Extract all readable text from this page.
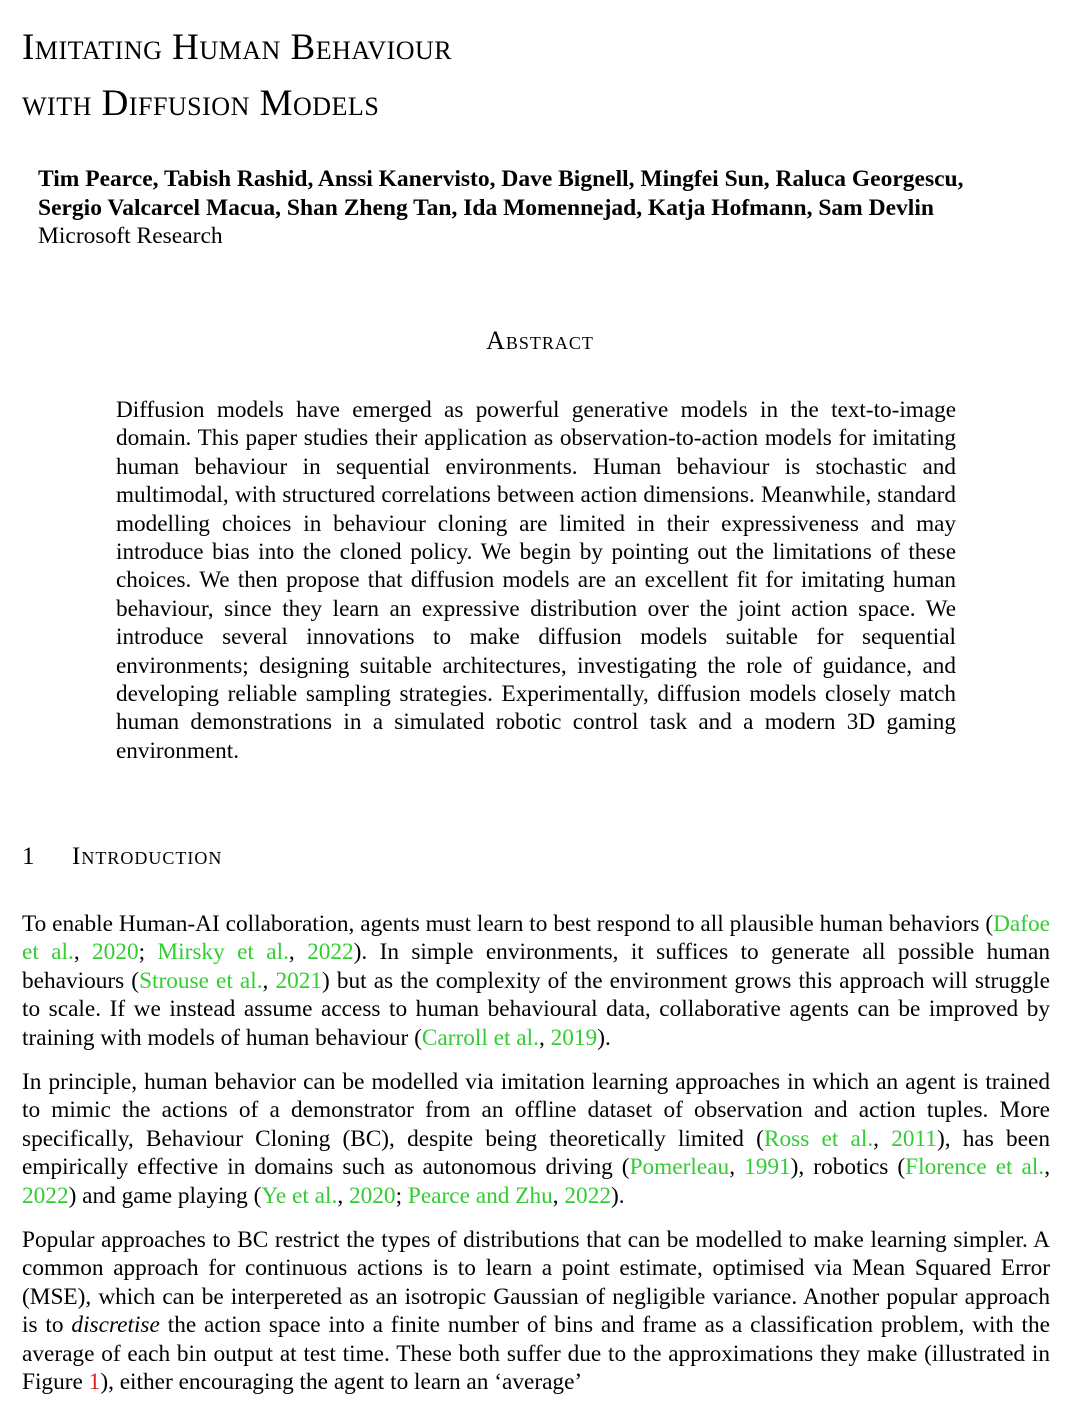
Imitating Human Behaviour
with Diffusion Models
Tim Pearce, Tabish Rashid, Anssi Kanervisto, Dave Bignell, Mingfei Sun, Raluca Georgescu,
Sergio Valcarcel Macua, Shan Zheng Tan, Ida Momennejad, Katja Hofmann, Sam Devlin
Microsoft Research
Abstract
Diffusion models have emerged as powerful generative models in the text-to-image domain. This paper studies their application as observation-to-action models for imitating human behaviour in sequential environments. Human behaviour is stochastic and multimodal, with structured correlations between action dimensions. Meanwhile, standard modelling choices in behaviour cloning are limited in their expressiveness and may introduce bias into the cloned policy. We begin by pointing out the limitations of these choices. We then propose that diffusion models are an excellent fit for imitating human behaviour, since they learn an expressive distribution over the joint action space. We introduce several innovations to make diffusion models suitable for sequential environments; designing suitable architectures, investigating the role of guidance, and developing reliable sampling strategies. Experimentally, diffusion models closely match human demonstrations in a simulated robotic control task and a modern 3D gaming environment.
1 Introduction
To enable Human-AI collaboration, agents must learn to best respond to all plausible human behaviors (Dafoe et al., 2020; Mirsky et al., 2022). In simple environments, it suffices to generate all possible human behaviours (Strouse et al., 2021) but as the complexity of the environment grows this approach will struggle to scale. If we instead assume access to human behavioural data, collaborative agents can be improved by training with models of human behaviour (Carroll et al., 2019).
In principle, human behavior can be modelled via imitation learning approaches in which an agent is trained to mimic the actions of a demonstrator from an offline dataset of observation and action tuples. More specifically, Behaviour Cloning (BC), despite being theoretically limited (Ross et al., 2011), has been empirically effective in domains such as autonomous driving (Pomerleau, 1991), robotics (Florence et al., 2022) and game playing (Ye et al., 2020; Pearce and Zhu, 2022).
Popular approaches to BC restrict the types of distributions that can be modelled to make learning simpler. A common approach for continuous actions is to learn a point estimate, optimised via Mean Squared Error (MSE), which can be interpereted as an isotropic Gaussian of negligible variance. Another popular approach is to discretise the action space into a finite number of bins and frame as a classification problem, with the average of each bin output at test time. These both suffer due to the approximations they make (illustrated in Figure 1), either encouraging the agent to learn an ‘average’
